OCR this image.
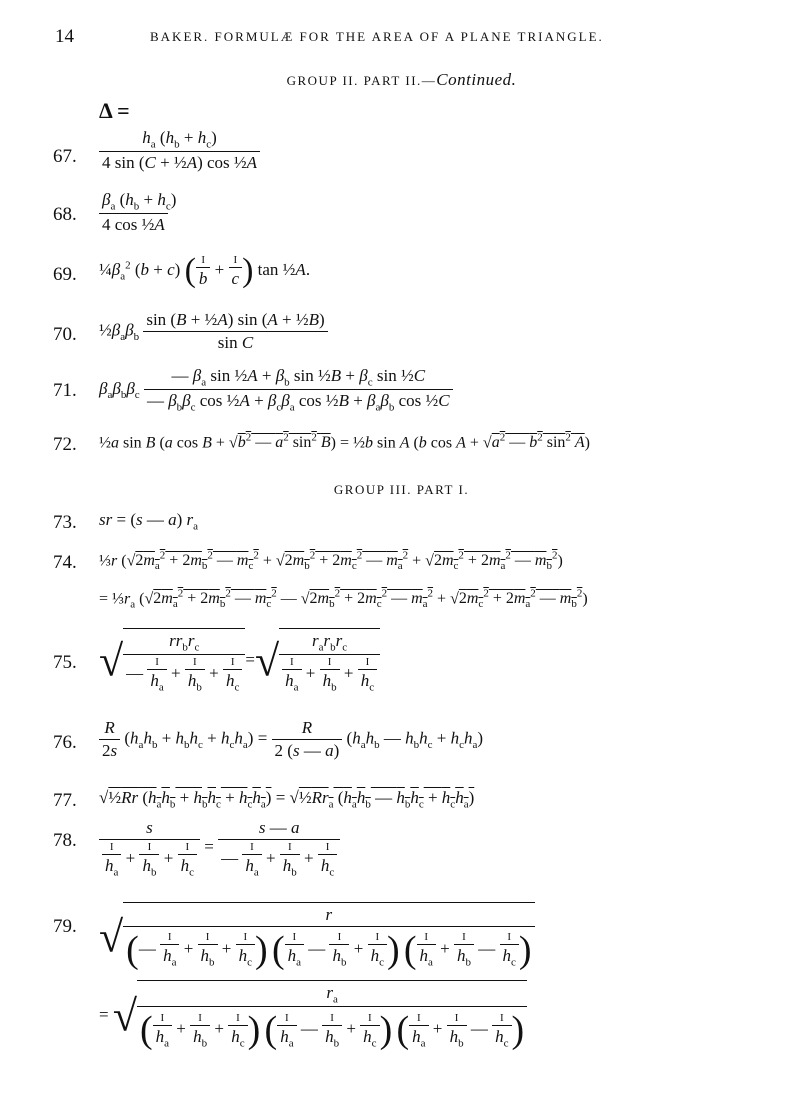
14	BAKER. FORMULÆ FOR THE AREA OF A PLANE TRIANGLE.
GROUP II. PART II.—Continued.
Δ =
67. $\frac{h_a (h_b + h_c)}{\text{4 sin (C + ½A) cos ½A}}$
68. $\frac{\beta_a (h_b + h_c)}{\text{4 cos ½A}}$
69. $\frac{1}{4}\beta_a^2$ (b + c) ( $\frac{I}{b} + \frac{I}{c}$ ) tan ½A.
70. $\frac{1}{2}\beta_a\beta_b \frac{\text{sin (B + ½A) sin (A + ½B)}}{\text{sin C}}$
71. $\beta_a\beta_b\beta_c \frac{— \beta_a \sin \frac{1}{2}A + \beta_b \sin \frac{1}{2}B + \beta_c \sin \frac{1}{2}C}{— \beta_b\beta_c \cos \frac{1}{2}A + \beta_c\beta_a \cos \frac{1}{2}B + \beta_a\beta_b \cos \frac{1}{2}C}$
72. ½a sin B (a $\cos B + √b^2$ — $a^2$ $\sin^2 B$) = ½b sin A (b $\cos A + √a^2$ — $b^2$ $\sin^2 A$)
GROUP III. PART I.
73. sr = (s — a) $r_a$
74. ⅓r ($√2m_a^2 + 2m_b^2$ — $m_c^2 + √2m_b^2 + 2m_c^2$ — $m_a^2 + √2m_c^2 + 2m_a^2$ — $m_b^2$)
= $\frac{1}{3}r_a$ ($√2m_a^2 + 2m_b^2$ — $m_c^2$ — $√2m_b^2 + 2m_c^2$ — $m_a^2 + √2m_c^2 + 2m_a^2$ — $m_b^2$)
75. √ $\frac{rr_br_c}{— \frac{I}{h_a} + \frac{I}{h_b} + \frac{I}{h_c}}$ =√ $\frac{r_ar_br_c}{\frac{I}{h_a} + \frac{I}{h_b} + \frac{I}{h_c}}$
76. $\frac{R}{2s} (h_ah_b + h_bh_c + h_ch_a) = \frac{R}{2 (s — a)} (h_ah_b$ — $h_bh_c + h_ch_a$)
77. √½Rr $(h_ah_b + h_bh_c + h_ch_a)$ = $√\frac{1}{2}Rr_a$ ($h_ah_b$ — $h_bh_c + h_ch_a$)
78. $\frac{s}{\frac{I}{h_a} + \frac{I}{h_b} + \frac{I}{h_c}} = \frac{s — a}{— \frac{I}{h_a} + \frac{I}{h_b} + \frac{I}{h_c}}$
79. √ $\frac{r}{(— \frac{I}{h_a} + \frac{I}{h_b} + \frac{I}{h_c} ) ( \frac{I}{h_a} — \frac{I}{h_b} + \frac{I}{h_c} ) ( \frac{I}{h_a} + \frac{I}{h_b} — \frac{I}{h_c} )}$
= √ $\frac{r_a}{( \frac{I}{h_a} + \frac{I}{h_b} + \frac{I}{h_c} ) ( \frac{I}{h_a} — \frac{I}{h_b} + \frac{I}{h_c} ) ( \frac{I}{h_a} + \frac{I}{h_b} — \frac{I}{h_c} )}$
